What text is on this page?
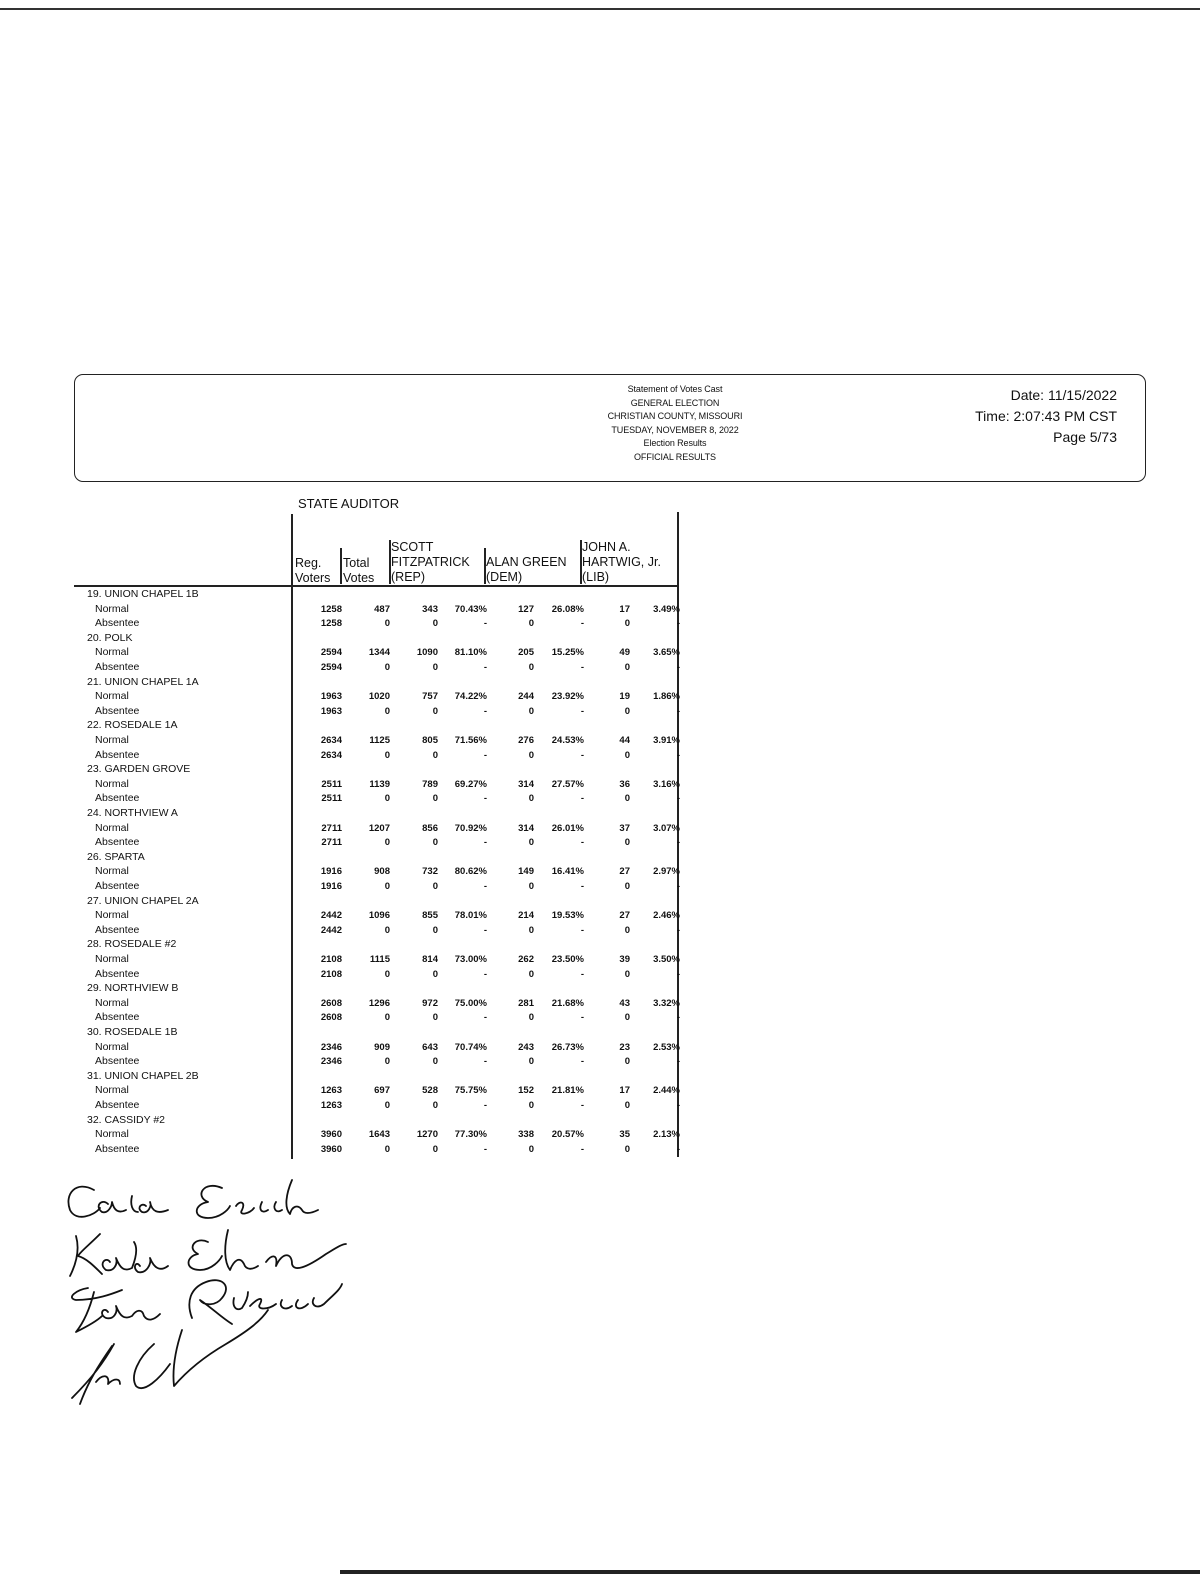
Statement of Votes Cast
GENERAL ELECTION
CHRISTIAN COUNTY, MISSOURI
TUESDAY, NOVEMBER 8, 2022
Election Results
OFFICIAL RESULTS
Date: 11/15/2022
Time: 2:07:43 PM CST
Page 5/73
STATE AUDITOR
Reg.
Voters
Total
Votes
SCOTT
FITZPATRICK
(REP)
ALAN GREEN
(DEM)
JOHN A.
HARTWIG, Jr.
(LIB)
19. UNION CHAPEL 1B
Normal	1258	487	343 70.43%	127 26.08%	17 3.49%
Absentee	1258	0	0	-	0	-	0	-
20. POLK
Normal	2594	1344	1090 81.10%	205 15.25%	49 3.65%
Absentee	2594	0	0	-	0	-	0	-
21. UNION CHAPEL 1A
Normal	1963	1020	757 74.22%	244 23.92%	19 1.86%
Absentee	1963	0	0	-	0	-	0	-
22. ROSEDALE 1A
Normal	2634	1125	805 71.56%	276 24.53%	44 3.91%
Absentee	2634	0	0	-	0	-	0	-
23. GARDEN GROVE
Normal	2511	1139	789 69.27%	314 27.57%	36 3.16%
Absentee	2511	0	0	-	0	-	0	-
24. NORTHVIEW A
Normal	2711	1207	856 70.92%	314 26.01%	37 3.07%
Absentee	2711	0	0	-	0	-	0	-
26. SPARTA
Normal	1916	908	732 80.62%	149 16.41%	27 2.97%
Absentee	1916	0	0	-	0	-	0	-
27. UNION CHAPEL 2A
Normal	2442	1096	855 78.01%	214 19.53%	27 2.46%
Absentee	2442	0	0	-	0	-	0	-
28. ROSEDALE #2
Normal	2108	1115	814 73.00%	262 23.50%	39 3.50%
Absentee	2108	0	0	-	0	-	0	-
29. NORTHVIEW B
Normal	2608	1296	972 75.00%	281 21.68%	43 3.32%
Absentee	2608	0	0	-	0	-	0	-
30. ROSEDALE 1B
Normal	2346	909	643 70.74%	243 26.73%	23 2.53%
Absentee	2346	0	0	-	0	-	0	-
31. UNION CHAPEL 2B
Normal	1263	697	528 75.75%	152 21.81%	17 2.44%
Absentee	1263	0	0	-	0	-	0	-
32. CASSIDY #2
Normal	3960	1643	1270 77.30%	338 20.57%	35 2.13%
Absentee	3960	0	0	-	0	-	0	-
